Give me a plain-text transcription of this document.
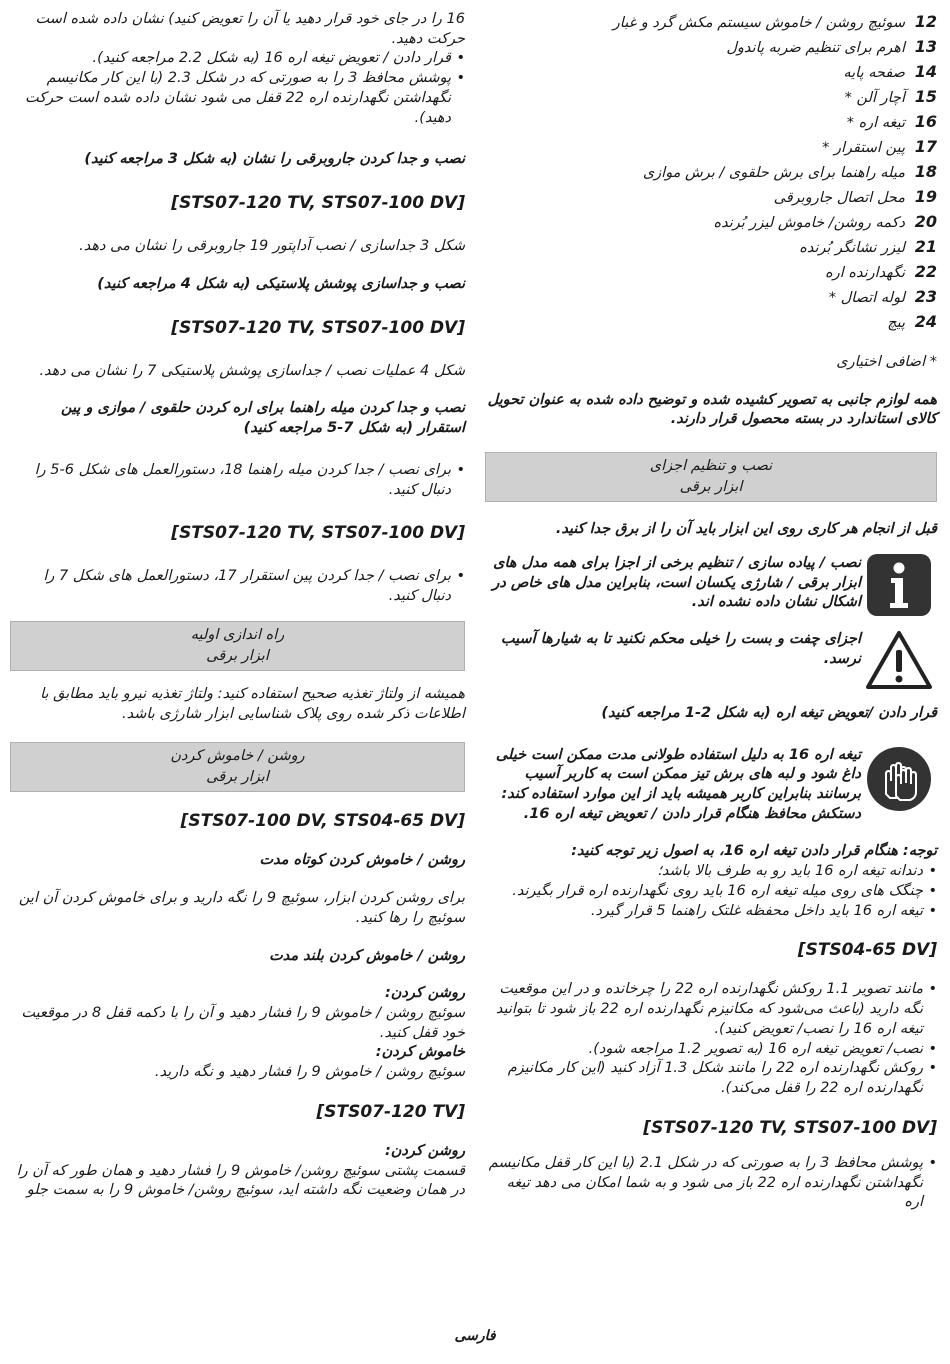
12
سوئیچ روشن / خاموش سیستم مکش گرد و غبار
13
اهرم برای تنظیم ضربه پاندول
14
صفحه پایه
15
آچار آلن *
16
تیغه اره *
17
پین استقرار *
18
میله راهنما برای برش حلقوی / برش موازی
19
محل اتصال جاروبرقی
20
دکمه روشن/ خاموش لیزر بُرنده
21
لیزر نشانگر بُرنده
22
نگهدارنده اره
23
لوله اتصال *
24
پیچ

* اضافی اختیاری

همه لوازم جانبی به تصویر کشیده شده و توضیح داده شده به عنوان تحویل کالای استاندارد در بسته محصول قرار دارند.

نصب و تنظیم اجزای
ابزار برقی

قبل از انجام هر کاری روی این ابزار باید آن را از برق جدا کنید.

نصب / پیاده سازی / تنظیم برخی از اجزا برای همه مدل های ابزار برقی / شارژی یکسان است، بنابراین مدل های خاص در اشکال نشان داده نشده اند.

اجزای چفت و بست را خیلی محکم نکنید تا به شیارها آسیب نرسد.

قرار دادن /تعویض تیغه اره (به شکل 2-1 مراجعه کنید)

تیغه اره 16 به دلیل استفاده طولانی مدت ممکن است خیلی داغ شود و لبه های برش تیز ممکن است به کاربر آسیب برسانند بنابراین کاربر همیشه باید از این موارد استفاده کند: دستکش محافظ هنگام قرار دادن / تعویض تیغه اره 16.

توجه: هنگام قرار دادن تیغه اره 16، به اصول زیر توجه کنید:

• دندانه تیغه اره 16 باید رو به طرف بالا باشد؛

• چنگک های روی میله تیغه اره 16 باید روی نگهدارنده اره قرار بگیرند.

• تیغه اره 16 باید داخل محفظه غلتک راهنما 5 قرار گیرد.

[STS04-65 DV]

• مانند تصویر 1.1 روکش نگهدارنده اره 22 را چرخانده و در این موقعیت نگه دارید (باعث می‌شود که مکانیزم نگهدارنده اره 22 باز شود تا بتوانید تیغه اره 16 را نصب/ تعویض کنید).

• نصب/ تعویض تیغه اره 16 (به تصویر 1.2 مراجعه شود).

• روکش نگهدارنده اره 22 را مانند شکل 1.3 آزاد کنید (این کار مکانیزم نگهدارنده اره 22 را قفل می‌کند).

[STS07-120 TV, STS07-100 DV]

• پوشش محافظ 3 را به صورتی که در شکل 2.1 (با این کار قفل مکانیسم نگهداشتن نگهدارنده اره 22 باز می شود و به شما امکان می دهد تیغه اره

16 را در جای خود قرار دهید یا آن را تعویض کنید) نشان داده شده است حرکت دهید.

• قرار دادن / تعویض تیغه اره 16 (به شکل 2.2 مراجعه کنید).

• پوشش محافظ 3 را به صورتی که در شکل 2.3 (با این کار مکانیسم نگهداشتن نگهدارنده اره 22 قفل می شود نشان داده شده است حرکت دهید).

نصب و جدا کردن جاروبرقی را نشان (به شکل 3 مراجعه کنید)

[STS07-120 TV, STS07-100 DV]

شکل 3 جداسازی / نصب آداپتور 19 جاروبرقی را نشان می دهد.

نصب و جداسازی پوشش پلاستیکی (به شکل 4 مراجعه کنید)

[STS07-120 TV, STS07-100 DV]

شکل 4 عملیات نصب / جداسازی پوشش پلاستیکی 7 را نشان می دهد.

نصب و جدا کردن میله راهنما برای اره کردن حلقوی / موازی و پین استقرار (به شکل 7-5 مراجعه کنید)

• برای نصب / جدا کردن میله راهنما 18، دستورالعمل های شکل 6-5 را دنبال کنید.

[STS07-120 TV, STS07-100 DV]

• برای نصب / جدا کردن پین استقرار 17، دستورالعمل های شکل 7 را دنبال کنید.

راه اندازی اولیه
ابزار برقی

همیشه از ولتاژ تغذیه صحیح استفاده کنید: ولتاژ تغذیه نیرو باید مطابق با اطلاعات ذکر شده روی پلاک شناسایی ابزار شارژی باشد.

روشن / خاموش کردن
ابزار برقی

[STS07-100 DV, STS04-65 DV]

روشن / خاموش کردن کوتاه مدت

برای روشن کردن ابزار، سوئیچ 9 را نگه دارید و برای خاموش کردن آن این سوئیچ را رها کنید.

روشن / خاموش کردن بلند مدت

روشن کردن:

سوئیچ روشن / خاموش 9 را فشار دهید و آن را با دکمه قفل 8 در موقعیت خود قفل کنید.

خاموش کردن:

سوئیچ روشن / خاموش 9 را فشار دهید و نگه دارید.

[STS07-120 TV]

روشن کردن:

قسمت پشتی سوئیچ روشن/ خاموش 9 را فشار دهید و همان طور که آن را در همان وضعیت نگه داشته اید، سوئیچ روشن/ خاموش 9 را به سمت جلو

فارسی
